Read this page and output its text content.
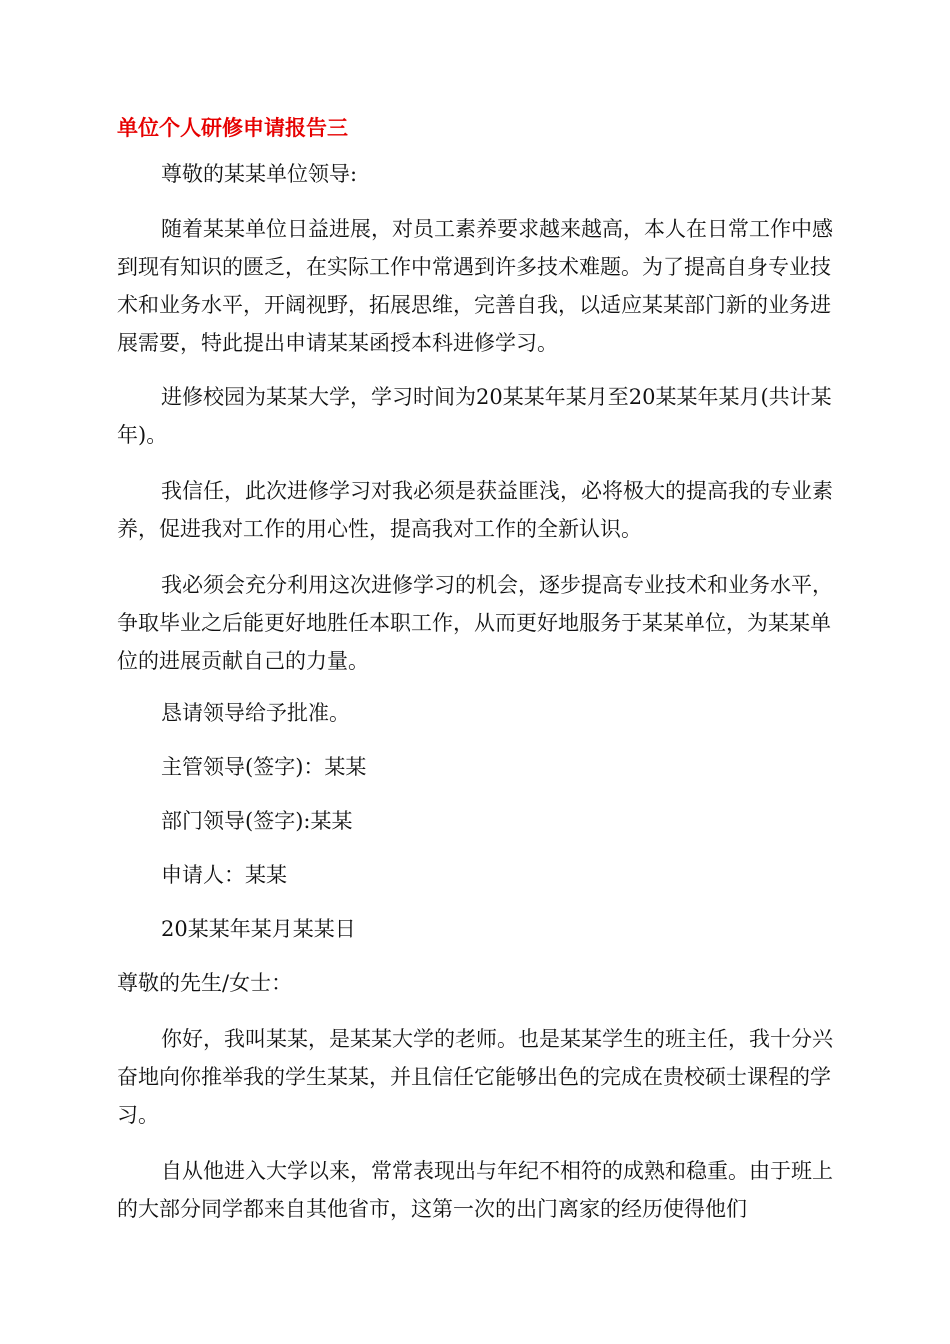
单位个人研修申请报告三

尊敬的某某单位领导:

随着某某单位日益进展，对员工素养要求越来越高，本人在日常工作中感到现有知识的匮乏，在实际工作中常遇到许多技术难题。为了提高自身专业技术和业务水平，开阔视野，拓展思维，完善自我，以适应某某部门新的业务进展需要，特此提出申请某某函授本科进修学习。

进修校园为某某大学，学习时间为20某某年某月至20某某年某月(共计某年)。

我信任，此次进修学习对我必须是获益匪浅，必将极大的提高我的专业素养，促进我对工作的用心性，提高我对工作的全新认识。

我必须会充分利用这次进修学习的机会，逐步提高专业技术和业务水平，争取毕业之后能更好地胜任本职工作，从而更好地服务于某某单位，为某某单位的进展贡献自己的力量。

恳请领导给予批准。

主管领导(签字)：某某

部门领导(签字):某某

申请人：某某

20某某年某月某某日

尊敬的先生/女士：

你好，我叫某某，是某某大学的老师。也是某某学生的班主任，我十分兴奋地向你推举我的学生某某，并且信任它能够出色的完成在贵校硕士课程的学习。

自从他进入大学以来，常常表现出与年纪不相符的成熟和稳重。由于班上的大部分同学都来自其他省市，这第一次的出门离家的经历使得他们
